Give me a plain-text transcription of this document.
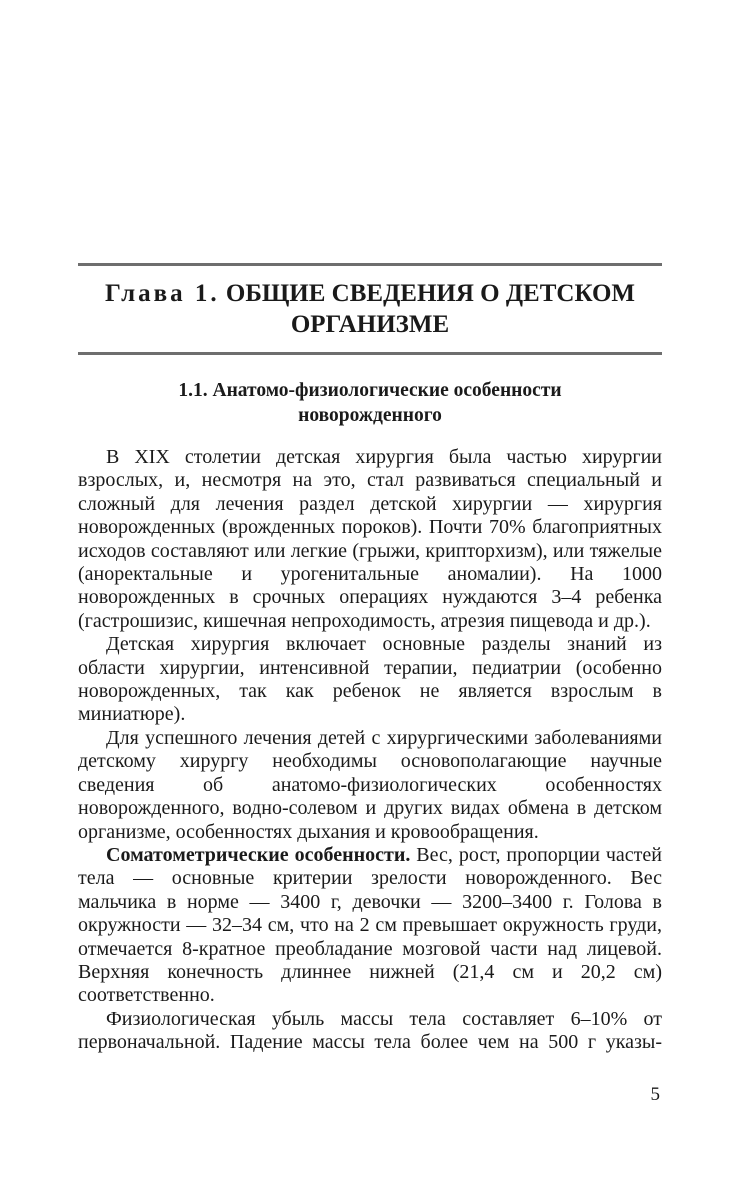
Глава 1. ОБЩИЕ СВЕДЕНИЯ О ДЕТСКОМ
ОРГАНИЗМЕ
1.1. Анатомо-физиологические особенности
новорожденного

В XIX столетии детская хирургия была частью хирургии взрослых, и, несмотря на это, стал развиваться специальный и сложный для лечения раздел детской хирургии — хирургия новорожденных (врожденных пороков). Почти 70% благоприятных исходов составляют или легкие (грыжи, крипторхизм), или тяжелые (аноректальные и урогенитальные аномалии). На 1000 новорожденных в срочных операциях нуждаются 3–4 ребенка (гастрошизис, кишечная непроходимость, атрезия пищевода и др.).

Детская хирургия включает основные разделы знаний из области хирургии, интенсивной терапии, педиатрии (особенно новорожденных, так как ребенок не является взрослым в миниатюре).

Для успешного лечения детей с хирургическими заболеваниями детскому хирургу необходимы основополагающие научные сведения об анатомо-физиологических особенностях новорожденного, водно-солевом и других видах обмена в детском организме, особенностях дыхания и кровообращения.

Соматометрические особенности. Вес, рост, пропорции частей тела — основные критерии зрелости новорожденного. Вес мальчика в норме — 3400 г, девочки — 3200–3400 г. Голова в окружности — 32–34 см, что на 2 см превышает окружность груди, отмечается 8-кратное преобладание мозговой части над лицевой. Верхняя конечность длиннее нижней (21,4 см и 20,2 см) соответственно.

Физиологическая убыль массы тела составляет 6–10% от первоначальной. Падение массы тела более чем на 500 г указы-

5
